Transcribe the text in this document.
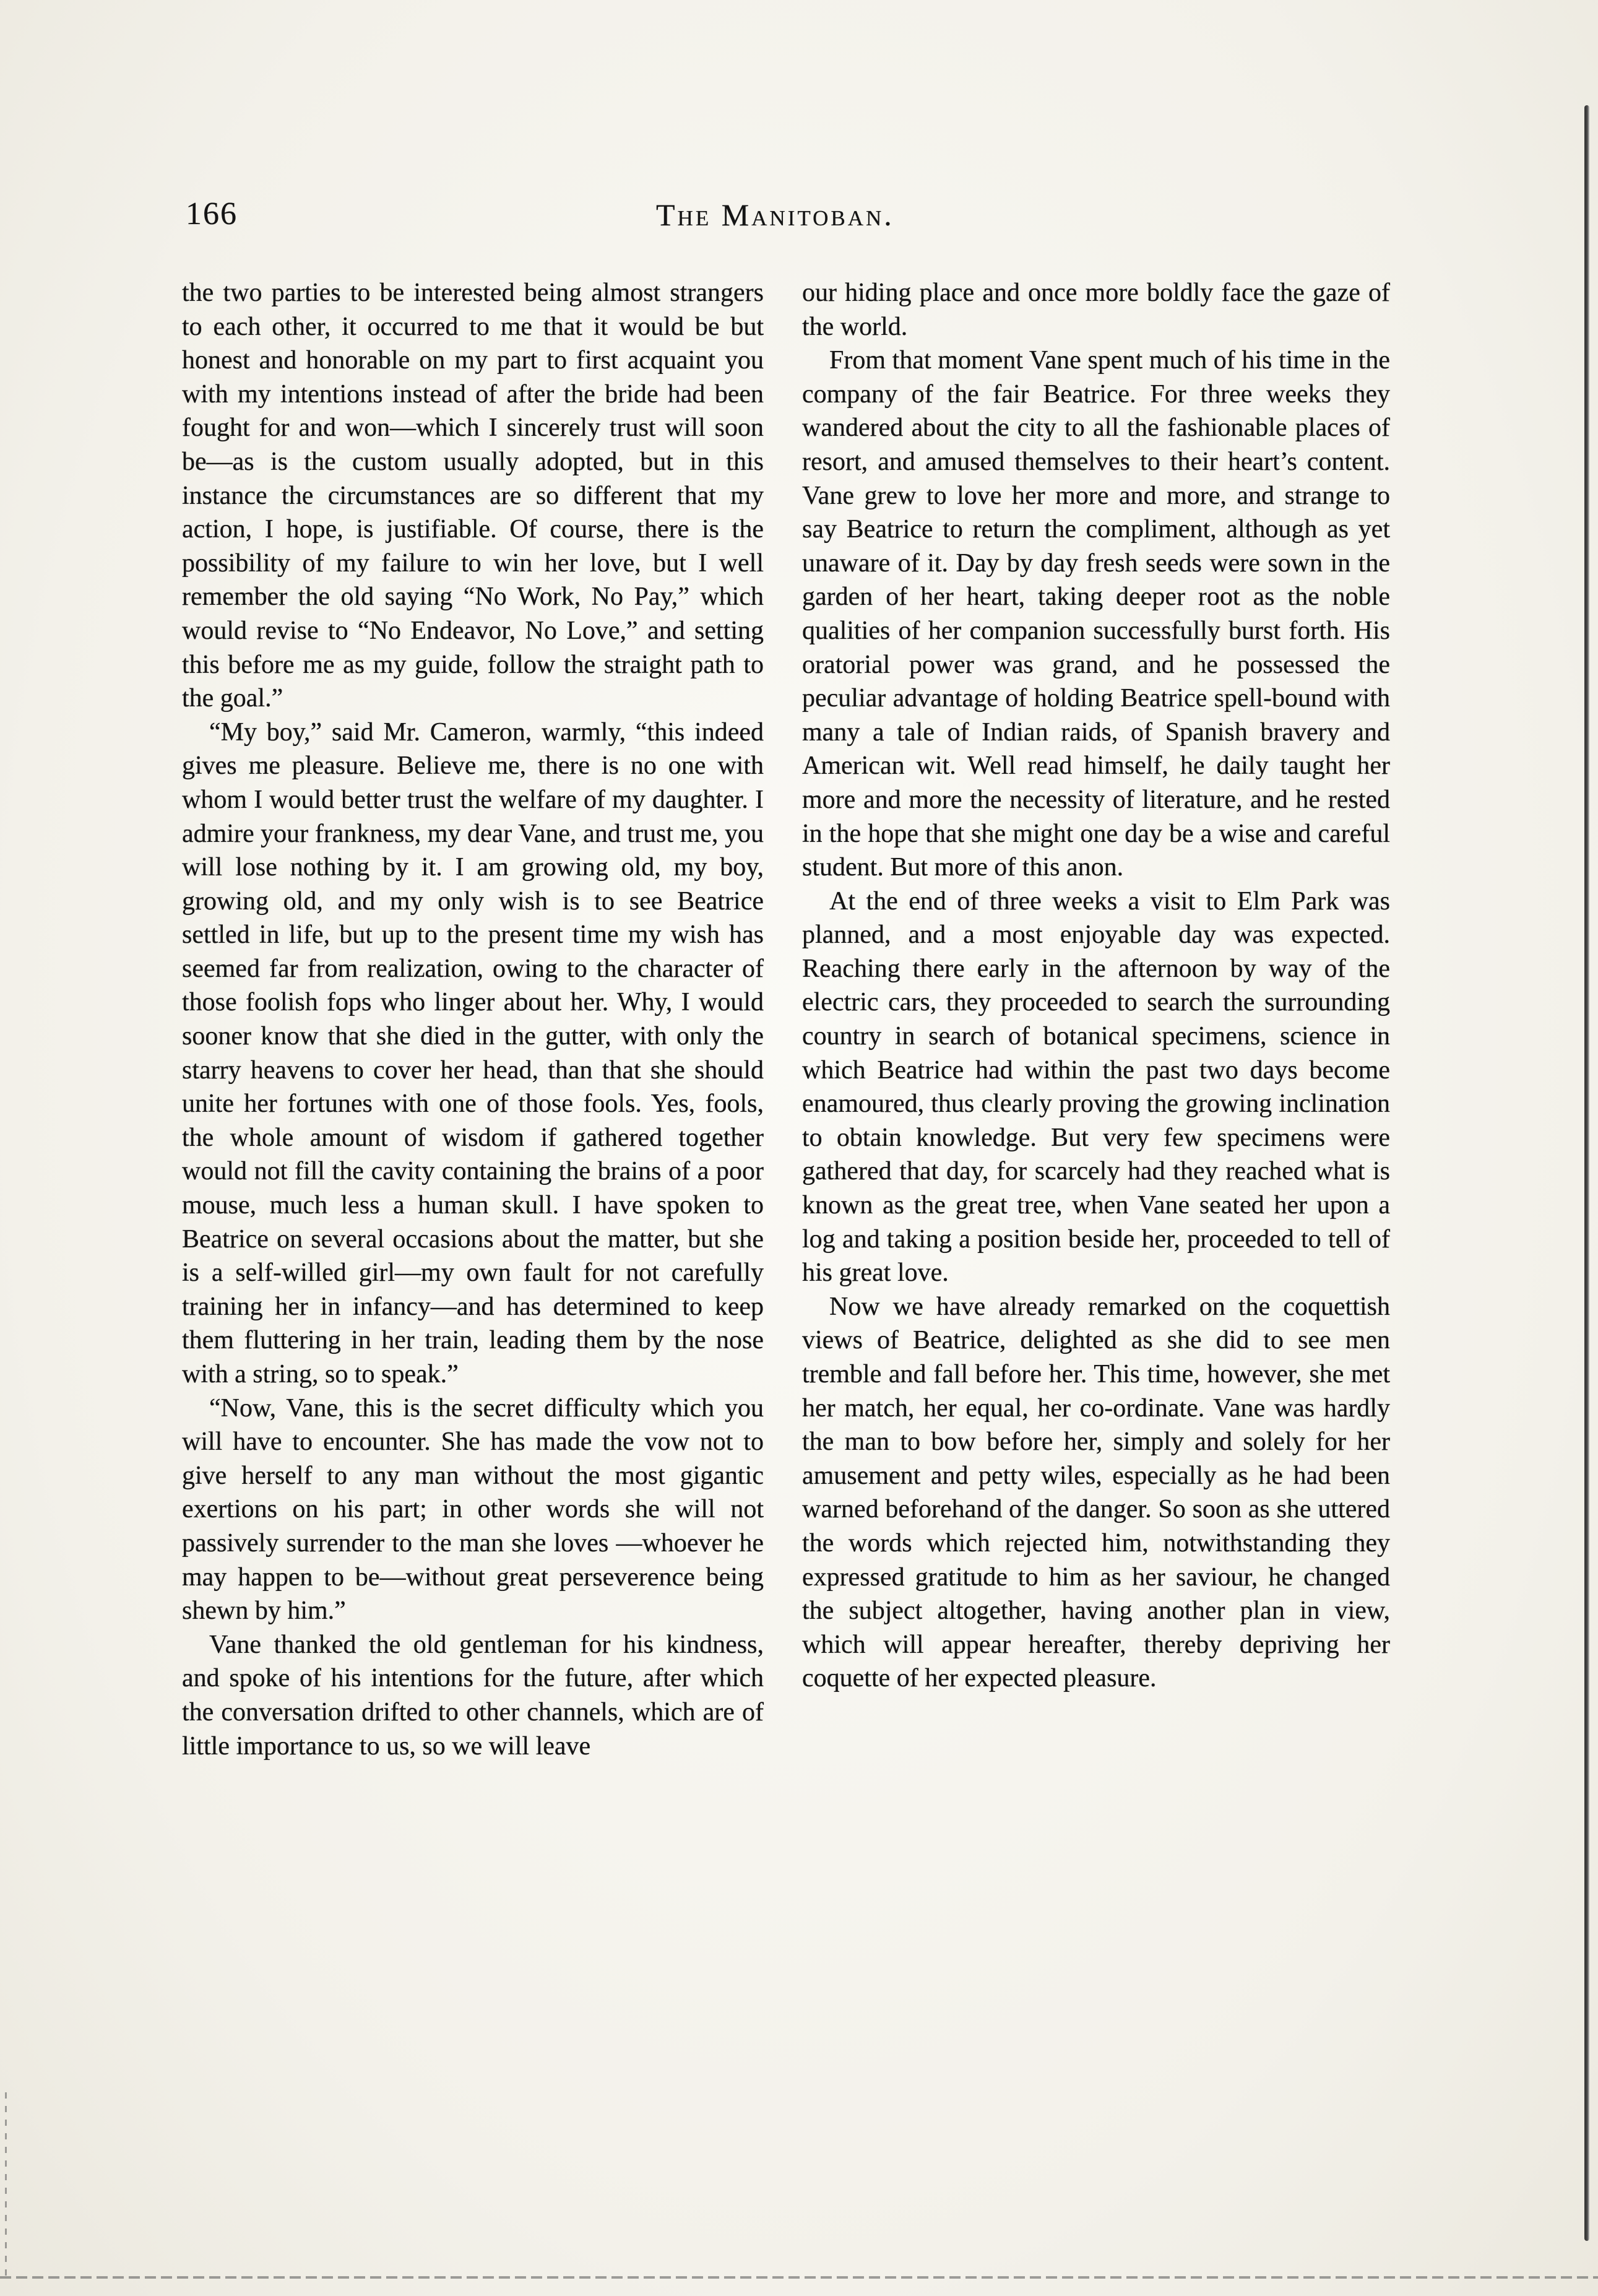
166	The Manitoban.

the two parties to be interested being almost strangers to each other, it occurred to me that it would be but honest and honorable on my part to first acquaint you with my intentions instead of after the bride had been fought for and won—which I sincerely trust will soon be—as is the custom usually adopted, but in this instance the circumstances are so different that my action, I hope, is justifiable. Of course, there is the possibility of my failure to win her love, but I well remember the old saying “No Work, No Pay,” which would revise to “No Endeavor, No Love,” and setting this before me as my guide, follow the straight path to the goal.”

“My boy,” said Mr. Cameron, warmly, “this indeed gives me pleasure. Believe me, there is no one with whom I would better trust the welfare of my daughter. I admire your frankness, my dear Vane, and trust me, you will lose nothing by it. I am growing old, my boy, growing old, and my only wish is to see Beatrice settled in life, but up to the present time my wish has seemed far from realization, owing to the character of those foolish fops who linger about her. Why, I would sooner know that she died in the gutter, with only the starry heavens to cover her head, than that she should unite her fortunes with one of those fools. Yes, fools, the whole amount of wisdom if gathered together would not fill the cavity containing the brains of a poor mouse, much less a human skull. I have spoken to Beatrice on several occasions about the matter, but she is a self-willed girl—my own fault for not carefully training her in infancy—and has determined to keep them fluttering in her train, leading them by the nose with a string, so to speak.”

“Now, Vane, this is the secret difficulty which you will have to encounter. She has made the vow not to give herself to any man without the most gigantic exertions on his part; in other words she will not passively surrender to the man she loves —whoever he may happen to be—without great perseverence being shewn by him.”

Vane thanked the old gentleman for his kindness, and spoke of his intentions for the future, after which the conversation drifted to other channels, which are of little importance to us, so we will leave

our hiding place and once more boldly face the gaze of the world.

From that moment Vane spent much of his time in the company of the fair Beatrice. For three weeks they wandered about the city to all the fashionable places of resort, and amused themselves to their heart’s content. Vane grew to love her more and more, and strange to say Beatrice to return the compliment, although as yet unaware of it. Day by day fresh seeds were sown in the garden of her heart, taking deeper root as the noble qualities of her companion successfully burst forth. His oratorial power was grand, and he possessed the peculiar advantage of holding Beatrice spell-bound with many a tale of Indian raids, of Spanish bravery and American wit. Well read himself, he daily taught her more and more the necessity of literature, and he rested in the hope that she might one day be a wise and careful student. But more of this anon.

At the end of three weeks a visit to Elm Park was planned, and a most enjoyable day was expected. Reaching there early in the afternoon by way of the electric cars, they proceeded to search the surrounding country in search of botanical specimens, science in which Beatrice had within the past two days become enamoured, thus clearly proving the growing inclination to obtain knowledge. But very few specimens were gathered that day, for scarcely had they reached what is known as the great tree, when Vane seated her upon a log and taking a position beside her, proceeded to tell of his great love.

Now we have already remarked on the coquettish views of Beatrice, delighted as she did to see men tremble and fall before her. This time, however, she met her match, her equal, her co-ordinate. Vane was hardly the man to bow before her, simply and solely for her amusement and petty wiles, especially as he had been warned beforehand of the danger. So soon as she uttered the words which rejected him, notwithstanding they expressed gratitude to him as her saviour, he changed the subject altogether, having another plan in view, which will appear hereafter, thereby depriving her coquette of her expected pleasure.
